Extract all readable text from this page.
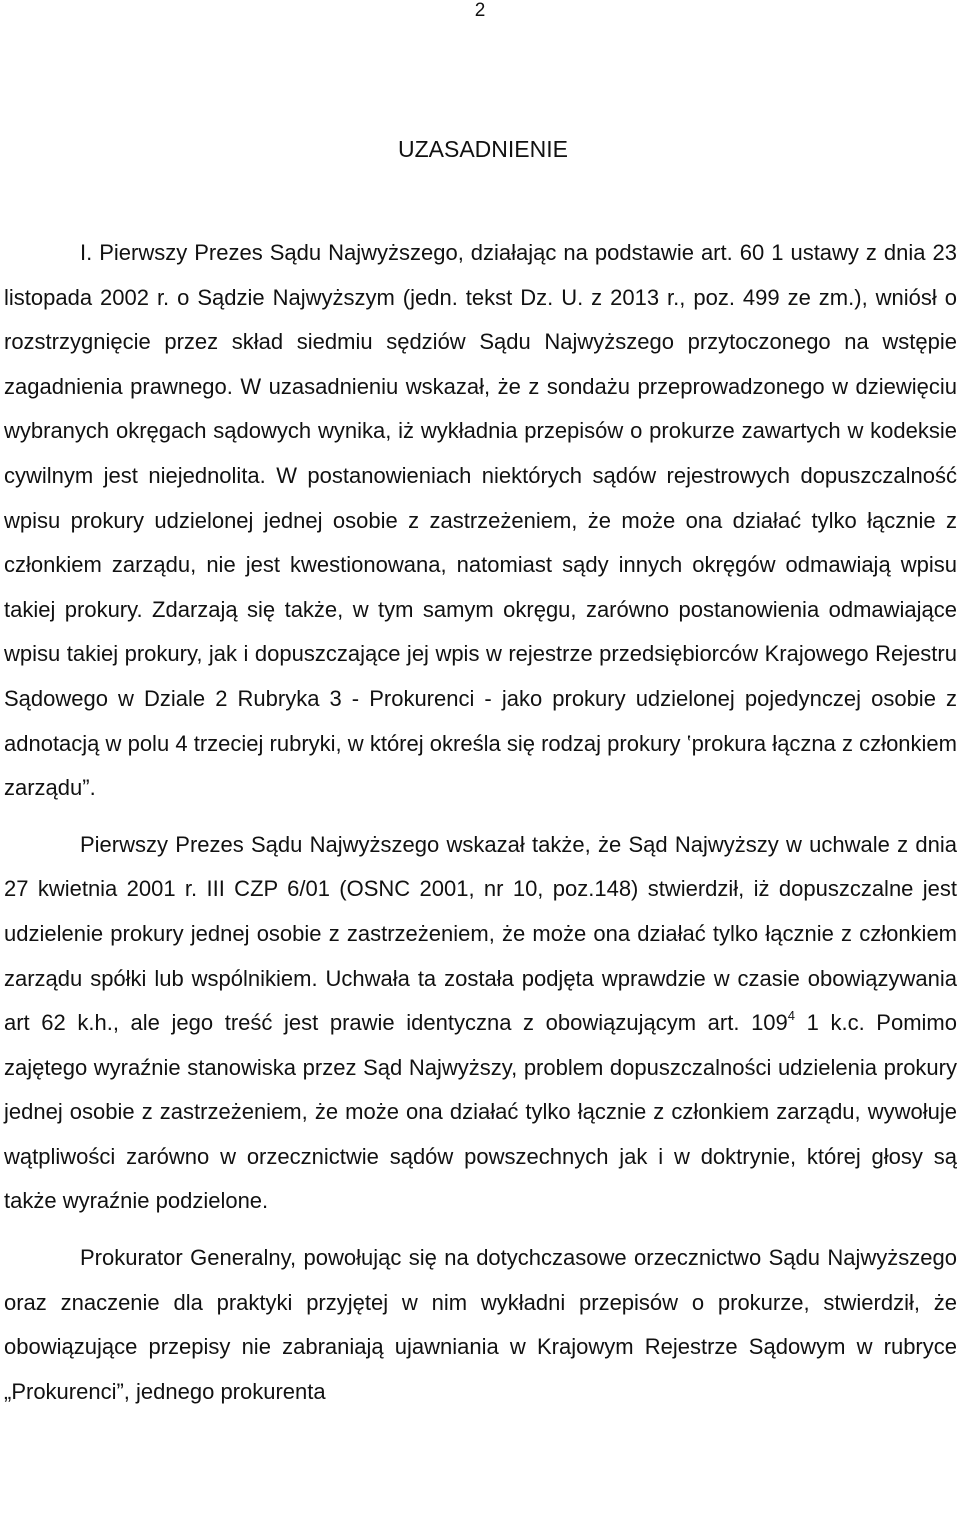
2
UZASADNIENIE

I. Pierwszy Prezes Sądu Najwyższego, działając na podstawie art. 60 1 ustawy z dnia 23 listopada 2002 r. o Sądzie Najwyższym (jedn. tekst Dz. U. z 2013 r., poz. 499 ze zm.), wniósł o rozstrzygnięcie przez skład siedmiu sędziów Sądu Najwyższego przytoczonego na wstępie zagadnienia prawnego. W uzasadnieniu wskazał, że z sondażu przeprowadzonego w dziewięciu wybranych okręgach sądowych wynika, iż wykładnia przepisów o prokurze zawartych w kodeksie cywilnym jest niejednolita. W postanowieniach niektórych sądów rejestrowych dopuszczalność wpisu prokury udzielonej jednej osobie z zastrzeżeniem, że może ona działać tylko łącznie z członkiem zarządu, nie jest kwestionowana, natomiast sądy innych okręgów odmawiają wpisu takiej prokury. Zdarzają się także, w tym samym okręgu, zarówno postanowienia odmawiające wpisu takiej prokury, jak i dopuszczające jej wpis w rejestrze przedsiębiorców Krajowego Rejestru Sądowego w Dziale 2 Rubryka 3 - Prokurenci - jako prokury udzielonej pojedynczej osobie z adnotacją w polu 4 trzeciej rubryki, w której określa się rodzaj prokury ‛prokura łączna z członkiem zarządu”.

Pierwszy Prezes Sądu Najwyższego wskazał także, że Sąd Najwyższy w uchwale z dnia 27 kwietnia 2001 r. III CZP 6/01 (OSNC 2001, nr 10, poz.148) stwierdził, iż dopuszczalne jest udzielenie prokury jednej osobie z zastrzeżeniem, że może ona działać tylko łącznie z członkiem zarządu spółki lub wspólnikiem. Uchwała ta została podjęta wprawdzie w czasie obowiązywania art 62 k.h., ale jego treść jest prawie identyczna z obowiązującym art. $109^4$ 1 k.c. Pomimo zajętego wyraźnie stanowiska przez Sąd Najwyższy, problem dopuszczalności udzielenia prokury jednej osobie z zastrzeżeniem, że może ona działać tylko łącznie z członkiem zarządu, wywołuje wątpliwości zarówno w orzecznictwie sądów powszechnych jak i w doktrynie, której głosy są także wyraźnie podzielone.

Prokurator Generalny, powołując się na dotychczasowe orzecznictwo Sądu Najwyższego oraz znaczenie dla praktyki przyjętej w nim wykładni przepisów o prokurze, stwierdził, że obowiązujące przepisy nie zabraniają ujawniania w Krajowym Rejestrze Sądowym w rubryce „Prokurenci”, jednego prokurenta
